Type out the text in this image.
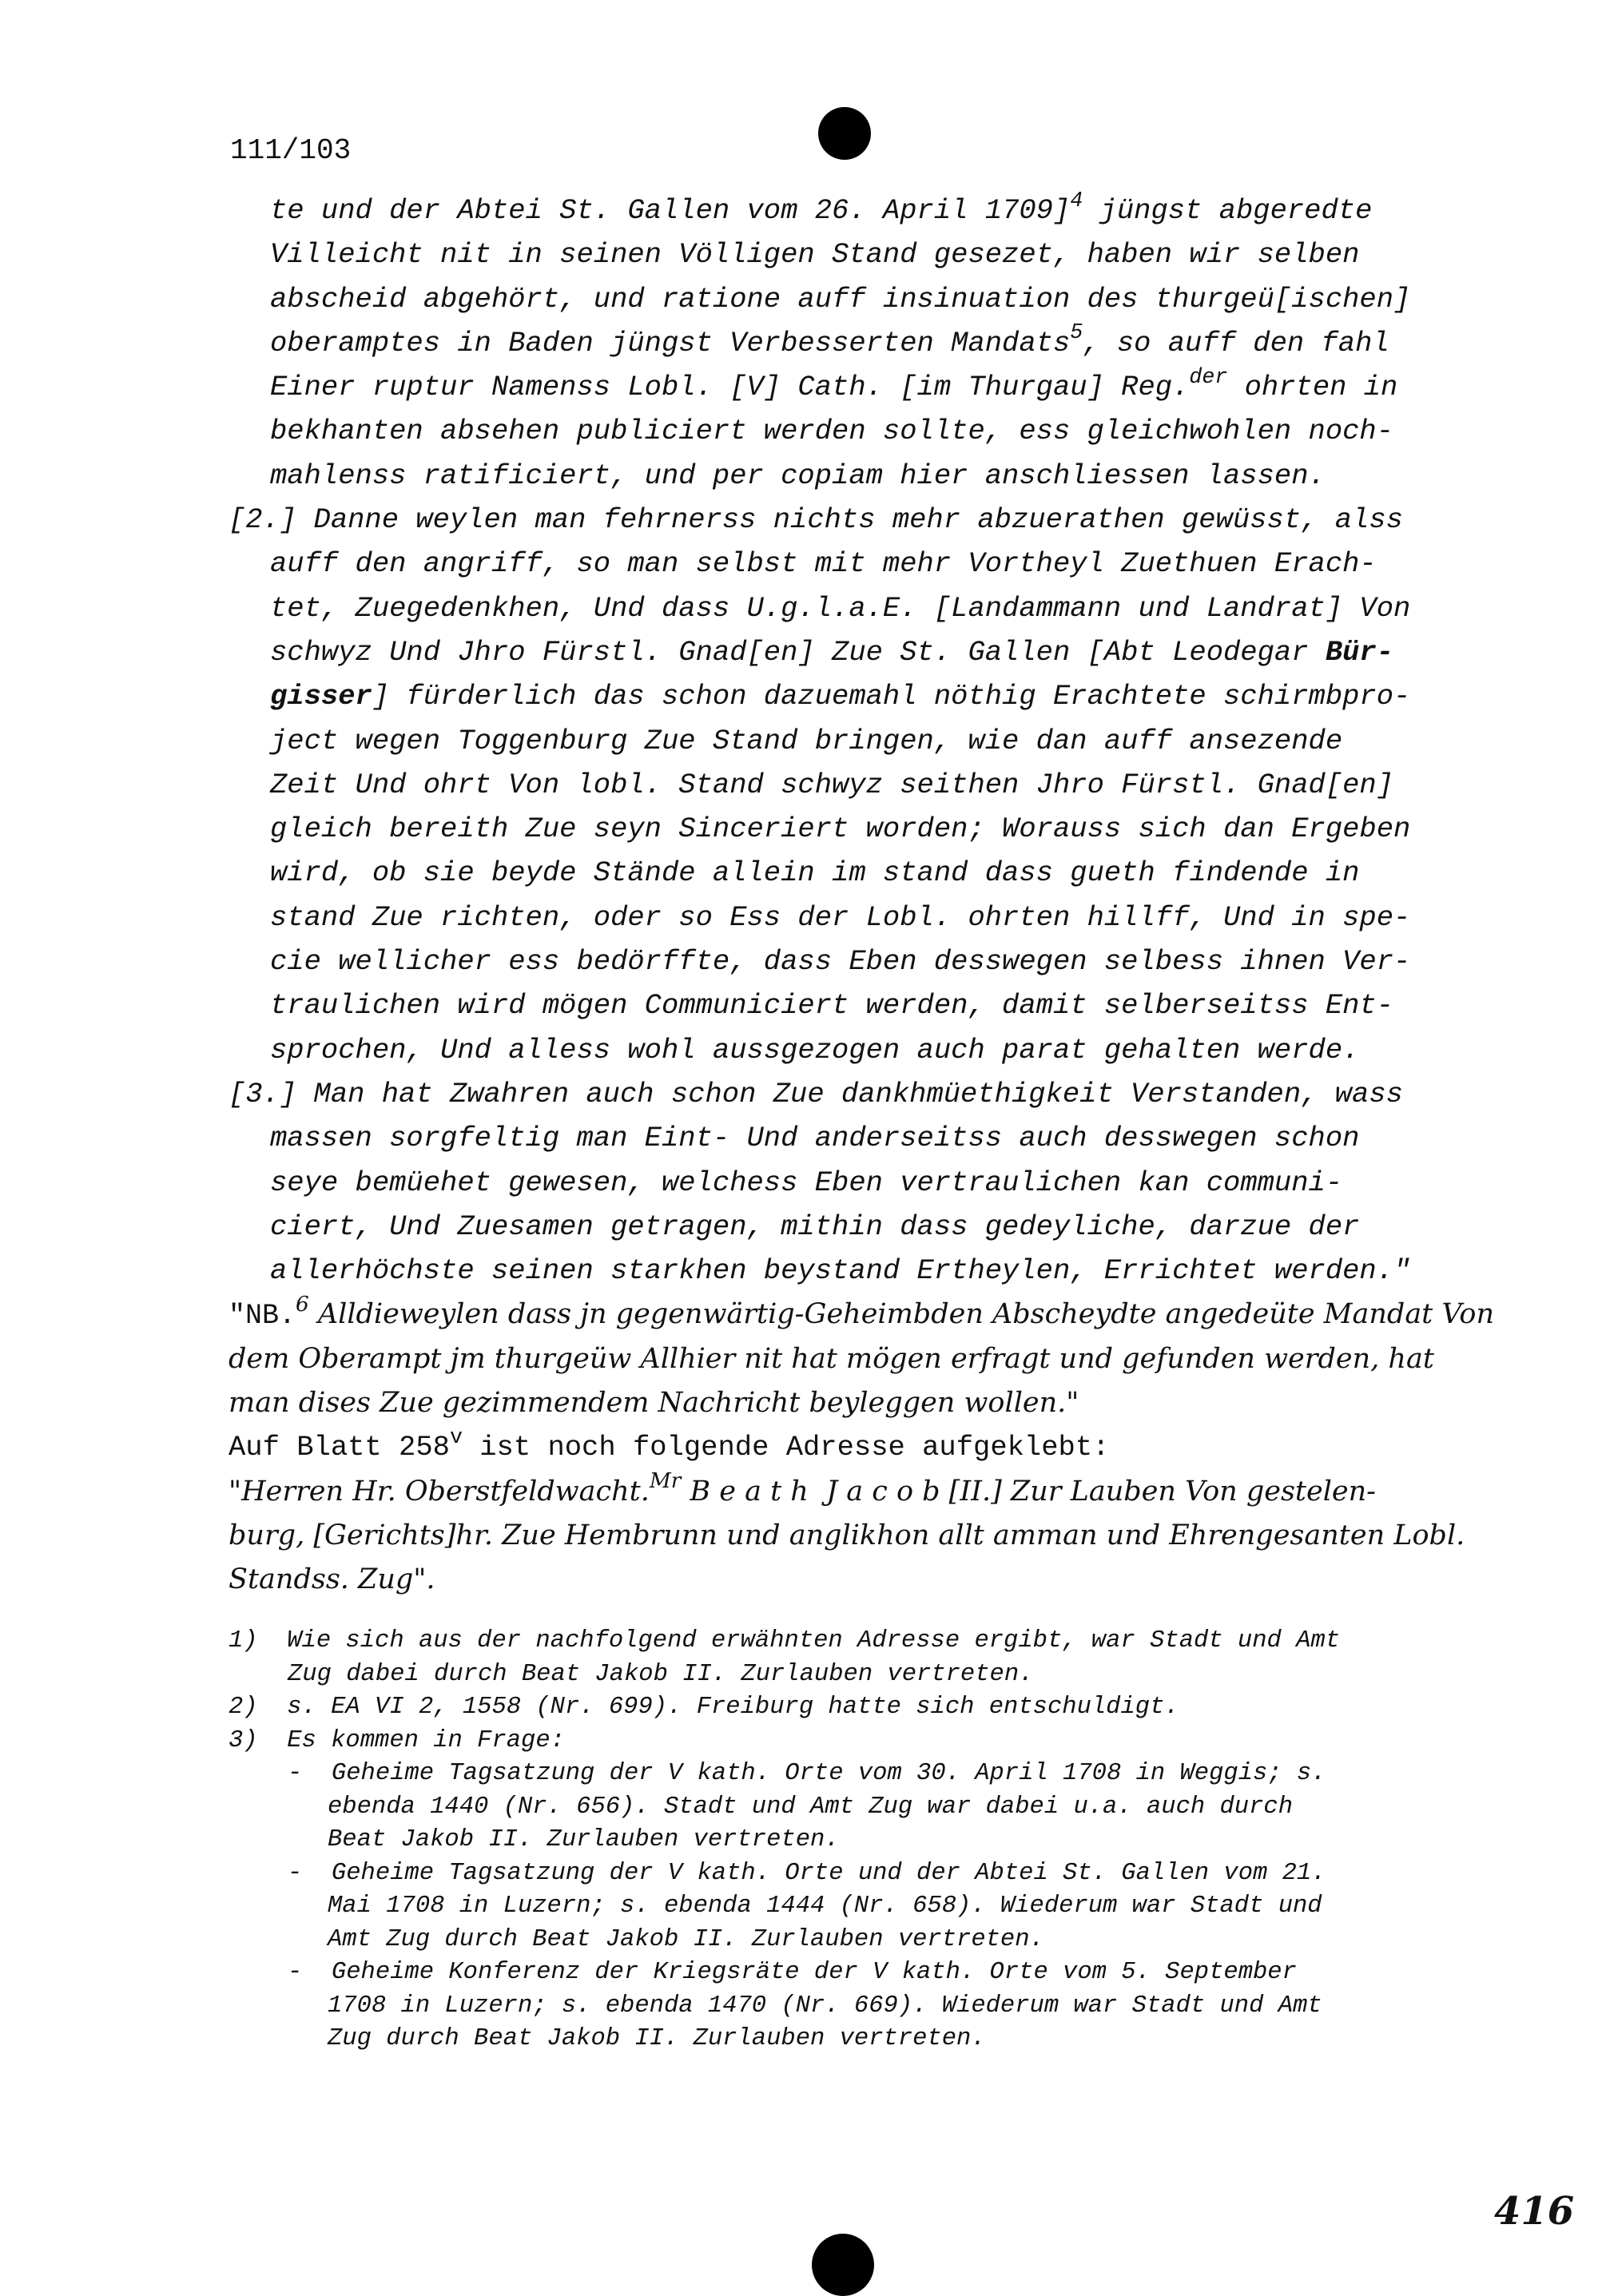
111/103
te und der Abtei St. Gallen vom 26. April 1709]$^4$ jüngst abgeredte
Villeicht nit in seinen Völligen Stand gesezet, haben wir selben
abscheid abgehört, und ratione auff insinuation des thurgeü[ischen]
oberamptes in Baden jüngst Verbesserten Mandats$^5$, so auff den fahl
Einer ruptur Namenss Lobl. [V] Cath. [im Thurgau] Reg.$^{der}$ ohrten in
bekhanten absehen publiciert werden sollte, ess gleichwohlen noch-
mahlenss ratificiert, und per copiam hier anschliessen lassen.
[2.] Danne weylen man fehrnerss nichts mehr abzuerathen gewüsst, alss
auff den angriff, so man selbst mit mehr Vortheyl Zuethuen Erach-
tet, Zuegedenkhen, Und dass U.g.l.a.E. [Landammann und Landrat] Von
schwyz Und Jhro Fürstl. Gnad[en] Zue St. Gallen [Abt Leodegar Bür-
gisser] fürderlich das schon dazuemahl nöthig Erachtete schirmbpro-
ject wegen Toggenburg Zue Stand bringen, wie dan auff ansezende
Zeit Und ohrt Von lobl. Stand schwyz seithen Jhro Fürstl. Gnad[en]
gleich bereith Zue seyn Sinceriert worden; Worauss sich dan Ergeben
wird, ob sie beyde Stände allein im stand dass gueth findende in
stand Zue richten, oder so Ess der Lobl. ohrten hillff, Und in spe-
cie wellicher ess bedörffte, dass Eben desswegen selbess ihnen Ver-
traulichen wird mögen Communiciert werden, damit selberseitss Ent-
sprochen, Und alless wohl aussgezogen auch parat gehalten werde.
[3.] Man hat Zwahren auch schon Zue dankhmüethigkeit Verstanden, wass
massen sorgfeltig man Eint- Und anderseitss auch desswegen schon
seye bemüehet gewesen, welchess Eben vertraulichen kan communi-
ciert, Und Zuesamen getragen, mithin dass gedeyliche, darzue der
allerhöchste seinen starkhen beystand Ertheylen, Errichtet werden."
"NB.$^6$ Alldieweylen dass jn gegenwärtig-Geheimbden Abscheydte angedeüte Mandat Von
dem Oberampt jm thurgeüw Allhier nit hat mögen erfragt und gefunden werden, hat
man dises Zue gezimmendem Nachricht beyleggen wollen."
Auf Blatt 258$^v$ ist noch folgende Adresse aufgeklebt:
"Herren Hr. Oberstfeldwacht.$^{Mr}$ B e a t h  J a c o b [II.] Zur Lauben Von gestelen-
burg, [Gerichts]hr. Zue Hembrunn und anglikhon allt amman und Ehrengesanten Lobl.
Standss. Zug".
1)  Wie sich aus der nachfolgend erwähnten Adresse ergibt, war Stadt und Amt
Zug dabei durch Beat Jakob II. Zurlauben vertreten.
2)  s. EA VI 2, 1558 (Nr. 699). Freiburg hatte sich entschuldigt.
3)  Es kommen in Frage:
-  Geheime Tagsatzung der V kath. Orte vom 30. April 1708 in Weggis; s.
ebenda 1440 (Nr. 656). Stadt und Amt Zug war dabei u.a. auch durch
Beat Jakob II. Zurlauben vertreten.
-  Geheime Tagsatzung der V kath. Orte und der Abtei St. Gallen vom 21.
Mai 1708 in Luzern; s. ebenda 1444 (Nr. 658). Wiederum war Stadt und
Amt Zug durch Beat Jakob II. Zurlauben vertreten.
-  Geheime Konferenz der Kriegsräte der V kath. Orte vom 5. September
1708 in Luzern; s. ebenda 1470 (Nr. 669). Wiederum war Stadt und Amt
Zug durch Beat Jakob II. Zurlauben vertreten.
416
